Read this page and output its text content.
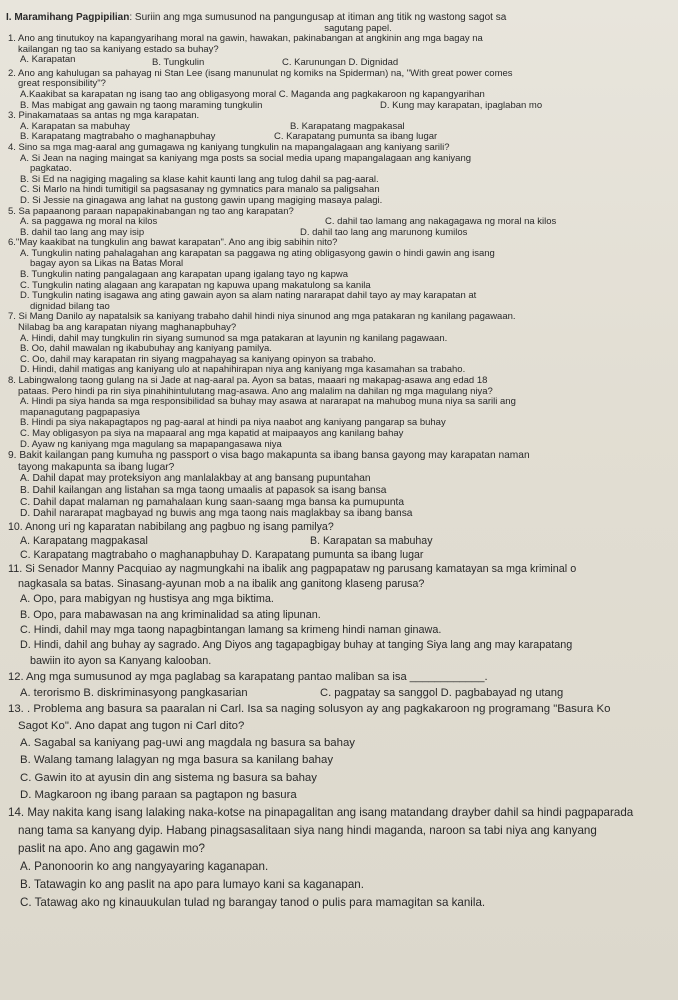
I. Maramihang Pagpipilian: Suriin ang mga sumusunod na pangungusap at itiman ang titik ng wastong sagot sa
sagutang papel.
1. Ano ang tinutukoy na kapangyarihang moral na gawin, hawakan, pakinabangan at angkinin ang mga bagay na
kailangan ng tao sa kaniyang estado sa buhay?
A. Karapatan	B. Tungkulin	C. Karunungan D. Dignidad
2. Ano ang kahulugan sa pahayag ni Stan Lee (isang manunulat ng komiks na Spiderman) na, "With great power comes
great responsibility"?
A.Kaakibat sa karapatan ng isang tao ang obligasyong moral C. Maganda ang pagkakaroon ng kapangyarihan
B. Mas mabigat ang gawain ng taong maraming tungkulin	D. Kung may karapatan, ipaglaban mo
3. Pinakamataas sa antas ng mga karapatan.
A. Karapatan sa mabuhay	B. Karapatang magpakasal
B. Karapatang magtrabaho o maghanapbuhay	C. Karapatang pumunta sa ibang lugar
4. Sino sa mga mag-aaral ang gumagawa ng kaniyang tungkulin na mapangalagaan ang kaniyang sarili?
A. Si Jean na naging maingat sa kaniyang mga posts sa social media upang mapangalagaan ang kaniyang
pagkatao.
B. Si Ed na nagiging magaling sa klase kahit kaunti lang ang tulog dahil sa pag-aaral.
C. Si Marlo na hindi tumitigil sa pagsasanay ng gymnatics para manalo sa paligsahan
D. Si Jessie na ginagawa ang lahat na gustong gawin upang magiging masaya palagi.
5. Sa papaanong paraan napapakinabangan ng tao ang karapatan?
A. sa paggawa ng moral na kilos	C. dahil tao lamang ang nakagagawa ng moral na kilos
B. dahil tao lang ang may isip	D. dahil tao lang ang marunong kumilos
6."May kaakibat na tungkulin ang bawat karapatan". Ano ang ibig sabihin nito?
A. Tungkulin nating pahalagahan ang karapatan sa paggawa ng ating obligasyong gawin o hindi gawin ang isang
bagay ayon sa Likas na Batas Moral
B. Tungkulin nating pangalagaan ang karapatan upang igalang tayo ng kapwa
C. Tungkulin nating alagaan ang karapatan ng kapuwa upang makatulong sa kanila
D. Tungkulin nating isagawa ang ating gawain ayon sa alam nating nararapat dahil tayo ay may karapatan at
dignidad bilang tao
7. Si Mang Danilo ay napatalsik sa kaniyang trabaho dahil hindi niya sinunod ang mga patakaran ng kanilang pagawaan.
Nilabag ba ang karapatan niyang maghanapbuhay?
A. Hindi, dahil may tungkulin rin siyang sumunod sa mga patakaran at layunin ng kanilang pagawaan.
B. Oo, dahil mawalan ng ikabubuhay ang kaniyang pamilya.
C. Oo, dahil may karapatan rin siyang magpahayag sa kaniyang opinyon sa trabaho.
D. Hindi, dahil matigas ang kaniyang ulo at napahihirapan niya ang kaniyang mga kasamahan sa trabaho.
8. Labingwalong taong gulang na si Jade at nag-aaral pa. Ayon sa batas, maaari ng makapag-asawa ang edad 18
pataas. Pero hindi pa rin siya pinahihintulutang mag-asawa. Ano ang malalim na dahilan ng mga magulang niya?
A. Hindi pa siya handa sa mga responsibilidad sa buhay may asawa at nararapat na mahubog muna niya sa sarili ang
mapanagutang pagpapasiya
B. Hindi pa siya nakapagtapos ng pag-aaral at hindi pa niya naabot ang kaniyang pangarap sa buhay
C. May obligasyon pa siya na mapaaral ang mga kapatid at maipaayos ang kanilang bahay
D. Ayaw ng kaniyang mga magulang sa mapapangasawa niya
9. Bakit kailangan pang kumuha ng passport o visa bago makapunta sa ibang bansa gayong may karapatan naman
tayong makapunta sa ibang lugar?
A. Dahil dapat may proteksiyon ang manlalakbay at ang bansang pupuntahan
B. Dahil kailangan ang listahan sa mga taong umaalis at papasok sa isang bansa
C. Dahil dapat malaman ng pamahalaan kung saan-saang mga bansa ka pumupunta
D. Dahil nararapat magbayad ng buwis ang mga taong nais maglakbay sa ibang bansa
10. Anong uri ng kaparatan nabibilang ang pagbuo ng isang pamilya?
A. Karapatang magpakasal	B. Karapatan sa mabuhay
C. Karapatang magtrabaho o maghanapbuhay D. Karapatang pumunta sa ibang lugar
11. Si Senador Manny Pacquiao ay nagmungkahi na ibalik ang pagpapataw ng parusang kamatayan sa mga kriminal o
nagkasala sa batas. Sinasang-ayunan mob a na ibalik ang ganitong klaseng parusa?
A. Opo, para mabigyan ng hustisya ang mga biktima.
B. Opo, para mabawasan na ang kriminalidad sa ating lipunan.
C. Hindi, dahil may mga taong napagbintangan lamang sa krimeng hindi naman ginawa.
D. Hindi, dahil ang buhay ay sagrado. Ang Diyos ang tagapagbigay buhay at tanging Siya lang ang may karapatang
bawiin ito ayon sa Kanyang kalooban.
12. Ang mga sumusunod ay mga paglabag sa karapatang pantao maliban sa isa ____________.
A. terorismo B. diskriminasyong pangkasarian	C. pagpatay sa sanggol D. pagbabayad ng utang
13. . Problema ang basura sa paaralan ni Carl. Isa sa naging solusyon ay ang pagkakaroon ng programang "Basura Ko
Sagot Ko". Ano dapat ang tugon ni Carl dito?
A. Sagabal sa kaniyang pag-uwi ang magdala ng basura sa bahay
B. Walang tamang lalagyan ng mga basura sa kanilang bahay
C. Gawin ito at ayusin din ang sistema ng basura sa bahay
D. Magkaroon ng ibang paraan sa pagtapon ng basura
14. May nakita kang isang lalaking naka-kotse na pinapagalitan ang isang matandang drayber dahil sa hindi pagpaparada
nang tama sa kanyang dyip. Habang pinagsasalitaan siya nang hindi maganda, naroon sa tabi niya ang kanyang
paslit na apo. Ano ang gagawin mo?
A. Panonoorin ko ang nangyayaring kaganapan.
B. Tatawagin ko ang paslit na apo para lumayo kani sa kaganapan.
C. Tatawag ako ng kinauukulan tulad ng barangay tanod o pulis para mamagitan sa kanila.
